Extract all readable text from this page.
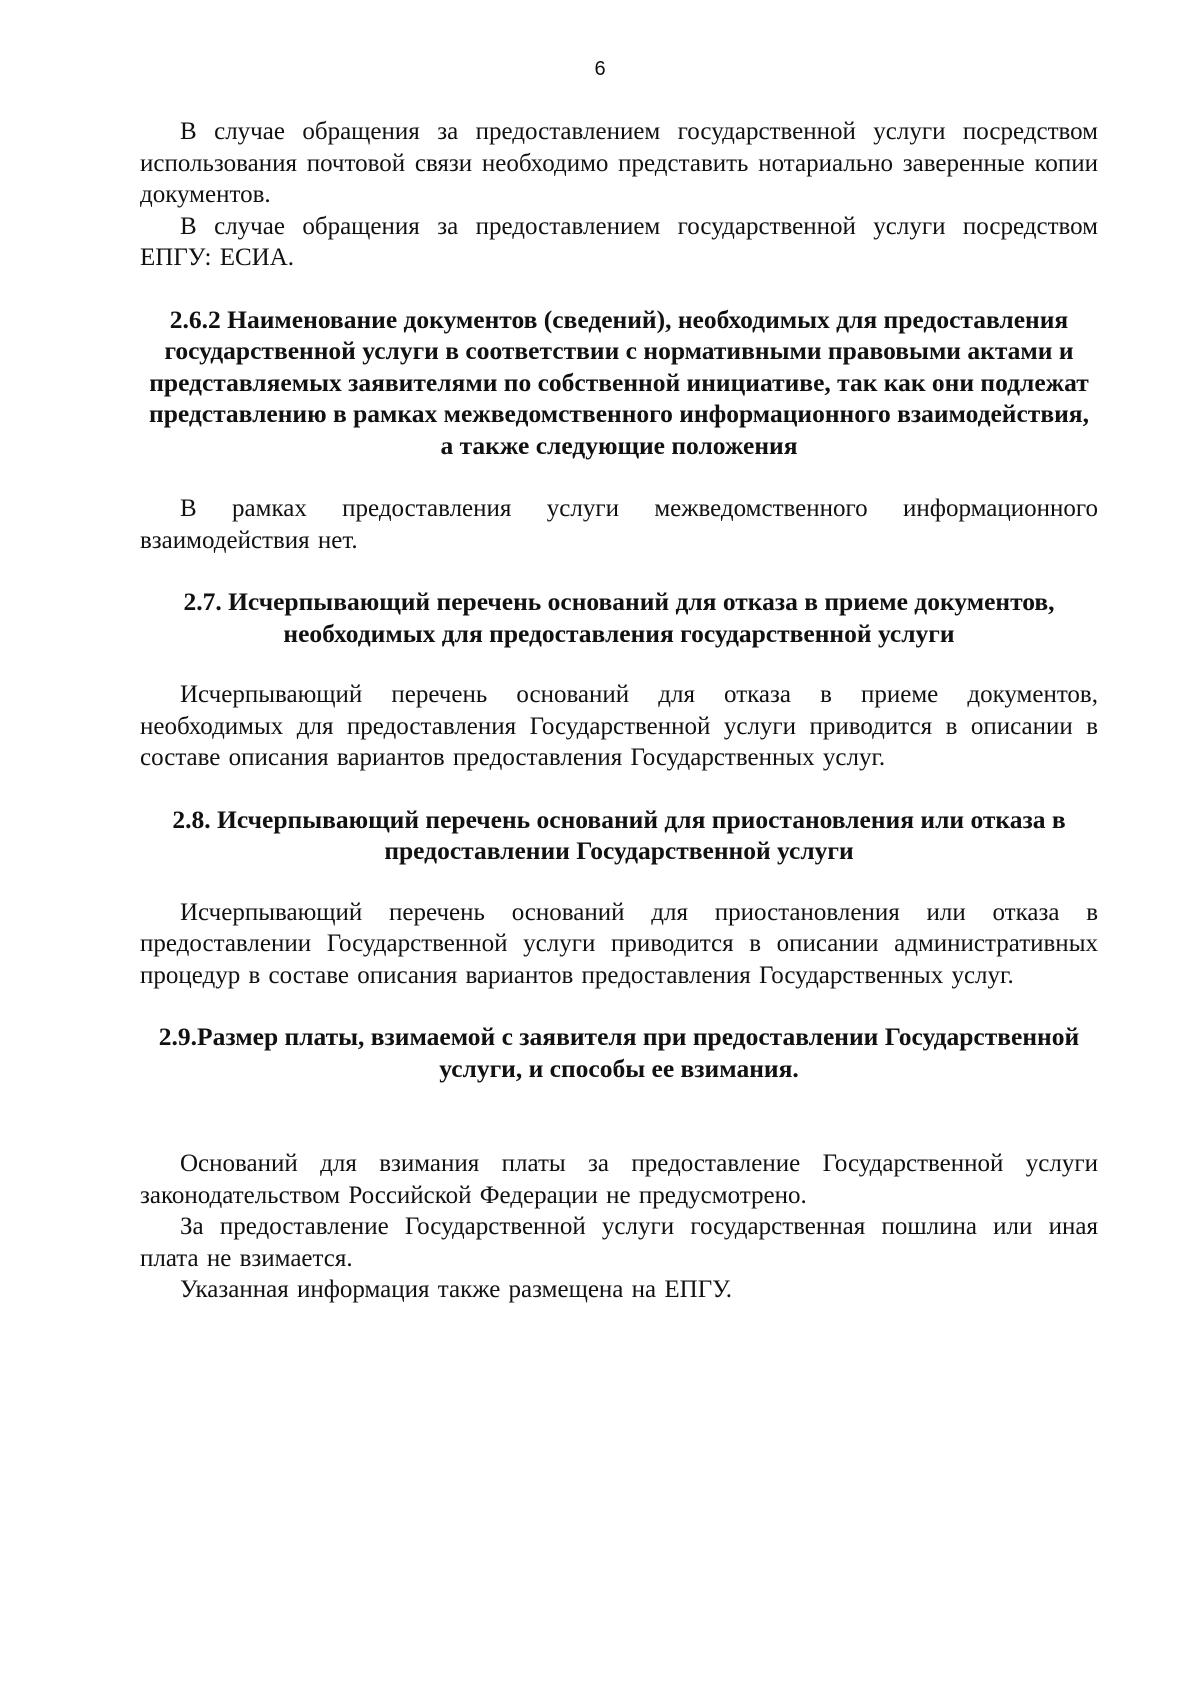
6

В случае обращения за предоставлением государственной услуги посредством использования почтовой связи необходимо представить нотариально заверенные копии документов.

В случае обращения за предоставлением государственной услуги посредством ЕПГУ: ЕСИА.

2.6.2 Наименование документов (сведений), необходимых для предоставления государственной услуги в соответствии с нормативными правовыми актами и представляемых заявителями по собственной инициативе, так как они подлежат представлению в рамках межведомственного информационного взаимодействия, а также следующие положения

В рамках предоставления услуги межведомственного информационного взаимодействия нет.

2.7. Исчерпывающий перечень оснований для отказа в приеме документов, необходимых для предоставления государственной услуги

Исчерпывающий перечень оснований для отказа в приеме документов, необходимых для предоставления Государственной услуги приводится в описании в составе описания вариантов предоставления Государственных услуг.

2.8. Исчерпывающий перечень оснований для приостановления или отказа в предоставлении Государственной услуги

Исчерпывающий перечень оснований для приостановления или отказа в предоставлении Государственной услуги приводится в описании административных процедур в составе описания вариантов предоставления Государственных услуг.

2.9.Размер платы, взимаемой с заявителя при предоставлении Государственной услуги, и способы ее взимания.

Оснований для взимания платы за предоставление Государственной услуги законодательством Российской Федерации не предусмотрено.

За предоставление Государственной услуги государственная пошлина или иная плата не взимается.

Указанная информация также размещена на ЕПГУ.
